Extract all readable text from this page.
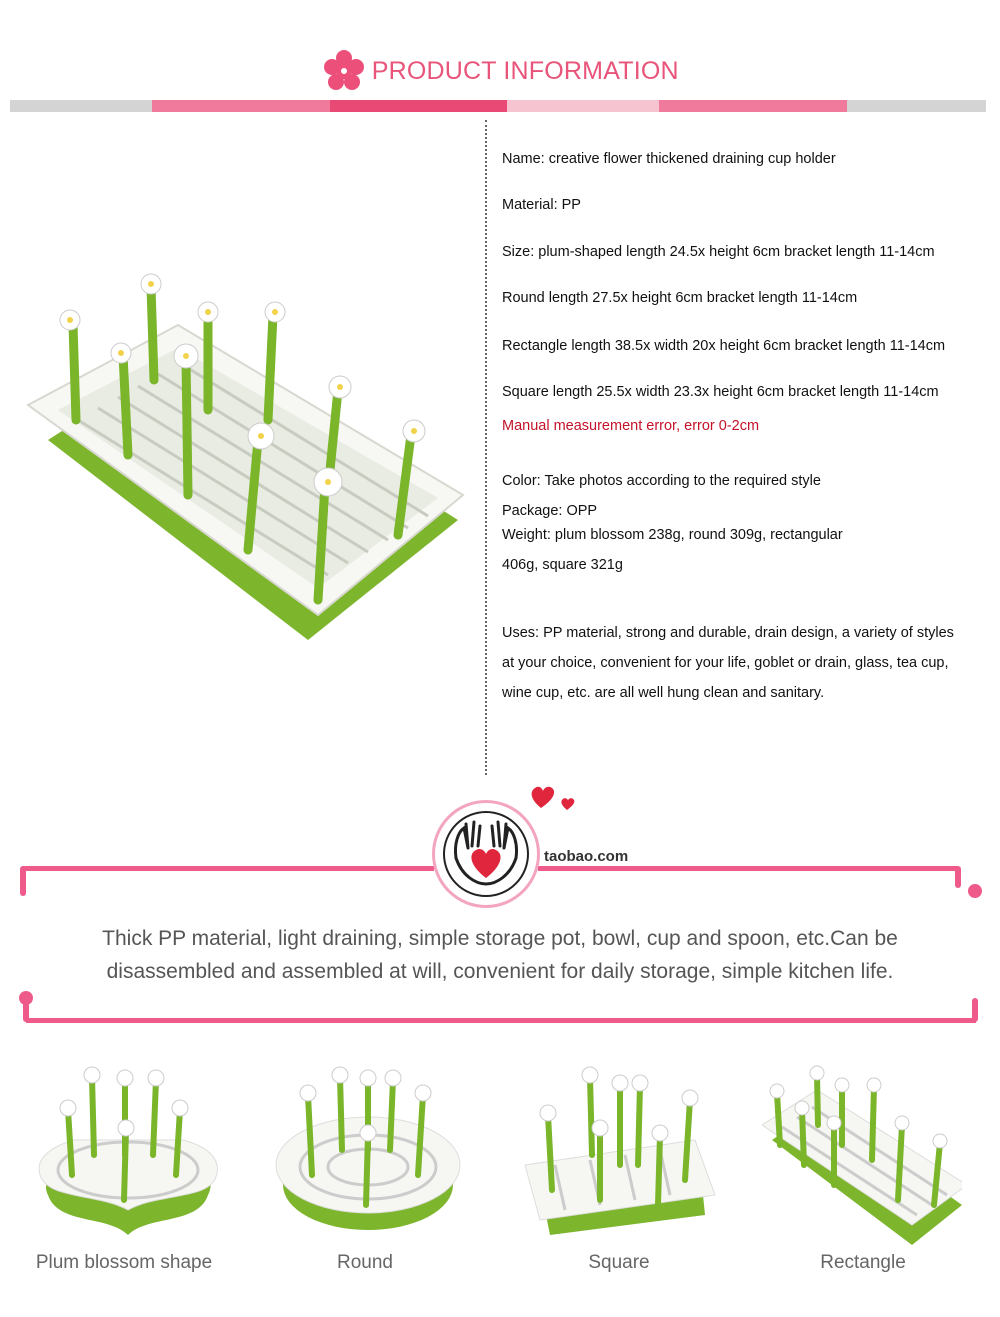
PRODUCT INFORMATION
Name: creative flower thickened draining cup holder
Material: PP
Size: plum-shaped length 24.5x height 6cm bracket length 11-14cm
Round length 27.5x height 6cm bracket length 11-14cm
Rectangle length 38.5x width 20x height 6cm bracket length 11-14cm
Square length 25.5x width 23.3x height 6cm bracket length 11-14cm
Manual measurement error, error 0-2cm
Color: Take photos according to the required style
Package: OPP
Weight: plum blossom 238g, round 309g, rectangular
406g, square 321g
Uses: PP material, strong and durable, drain design, a variety of styles
at your choice, convenient for your life, goblet or drain, glass, tea cup,
wine cup, etc. are all well hung clean and sanitary.
taobao.com
Thick PP material, light draining, simple storage pot, bowl, cup and spoon, etc.Can be
disassembled and assembled at will, convenient for daily storage, simple kitchen life.
Plum blossom shape	Round	Square	Rectangle
